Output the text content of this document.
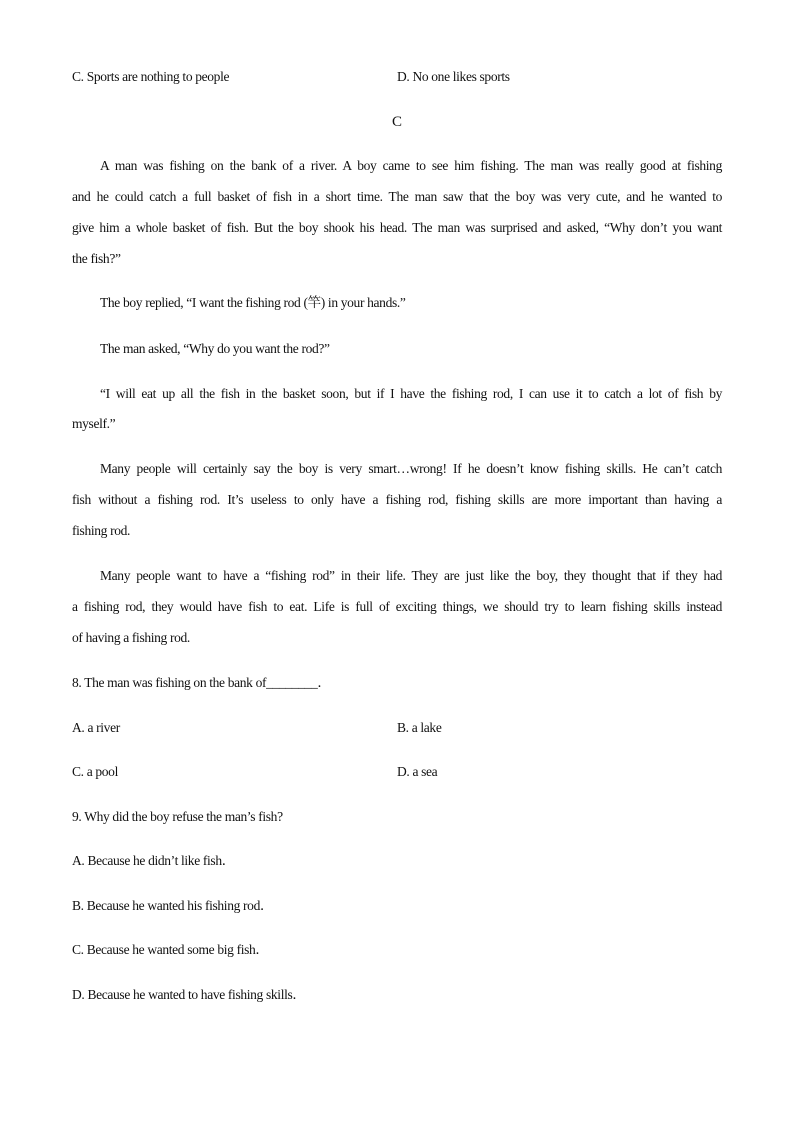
C. Sports are nothing to people	D. No one likes sports
C
A man was fishing on the bank of a river. A boy came to see him fishing. The man was really good at fishing
and he could catch a full basket of fish in a short time. The man saw that the boy was very cute, and he wanted to
give him a whole basket of fish. But the boy shook his head. The man was surprised and asked, “Why don’t you want
the fish?”
The boy replied, “I want the fishing rod (竿) in your hands.”
The man asked, “Why do you want the rod?”
“I will eat up all the fish in the basket soon, but if I have the fishing rod, I can use it to catch a lot of fish by
myself.”
Many people will certainly say the boy is very smart…wrong! If he doesn’t know fishing skills. He can’t catch
fish without a fishing rod. It’s useless to only have a fishing rod, fishing skills are more important than having a
fishing rod.
Many people want to have a “fishing rod” in their life. They are just like the boy, they thought that if they had
a fishing rod, they would have fish to eat. Life is full of exciting things, we should try to learn fishing skills instead
of having a fishing rod.
8. The man was fishing on the bank of________．
A. a river	B. a lake
C. a pool	D. a sea
9. Why did the boy refuse the man’s fish?
A. Because he didn’t like fish．
B. Because he wanted his fishing rod．
C. Because he wanted some big fish．
D. Because he wanted to have fishing skills．
